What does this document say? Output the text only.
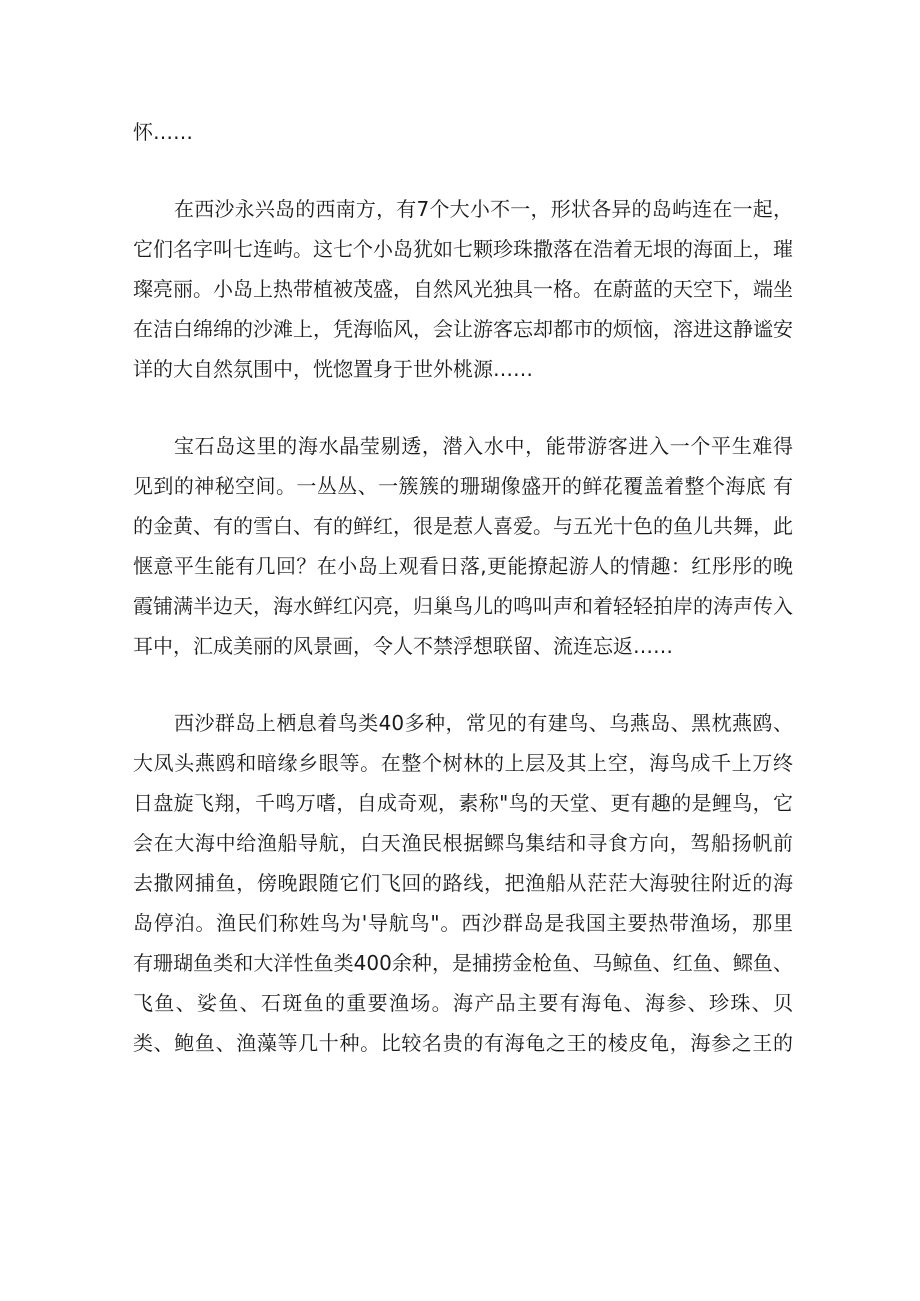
怀……
在西沙永兴岛的西南方，有7个大小不一，形状各异的岛屿连在一起，
它们名字叫七连屿。这七个小岛犹如七颗珍珠撒落在浩着无垠的海面上，璀
璨亮丽。小岛上热带植被茂盛，自然风光独具一格。在蔚蓝的天空下，端坐
在洁白绵绵的沙滩上，凭海临风，会让游客忘却都市的烦恼，溶进这静谧安
详的大自然氛围中，恍惚置身于世外桃源……
宝石岛这里的海水晶莹剔透，潜入水中，能带游客进入一个平生难得
见到的神秘空间。一丛丛、一簇簇的珊瑚像盛开的鲜花覆盖着整个海底 有
的金黄、有的雪白、有的鲜红，很是惹人喜爱。与五光十色的鱼儿共舞，此
惬意平生能有几回？在小岛上观看日落,更能撩起游人的情趣：红彤彤的晚
霞铺满半边天，海水鲜红闪亮，归巢鸟儿的鸣叫声和着轻轻拍岸的涛声传入
耳中，汇成美丽的风景画，令人不禁浮想联留、流连忘返……
西沙群岛上栖息着鸟类40多种，常见的有建鸟、乌燕岛、黑枕燕鸥、
大凤头燕鸥和暗缘乡眼等。在整个树林的上层及其上空，海鸟成千上万终
日盘旋飞翔，千鸣万嗜，自成奇观，素称"鸟的天堂、更有趣的是鲤鸟，它
会在大海中给渔船导航，白天渔民根据鳏鸟集结和寻食方向，驾船扬帆前
去撒网捕鱼，傍晚跟随它们飞回的路线，把渔船从茫茫大海驶往附近的海
岛停泊。渔民们称姓鸟为'导航鸟"。西沙群岛是我国主要热带渔场，那里
有珊瑚鱼类和大洋性鱼类400余种，是捕捞金枪鱼、马鲸鱼、红鱼、鳏鱼、
飞鱼、娑鱼、石斑鱼的重要渔场。海产品主要有海龟、海参、珍珠、贝
类、鲍鱼、渔藻等几十种。比较名贵的有海龟之王的棱皮龟，海参之王的
